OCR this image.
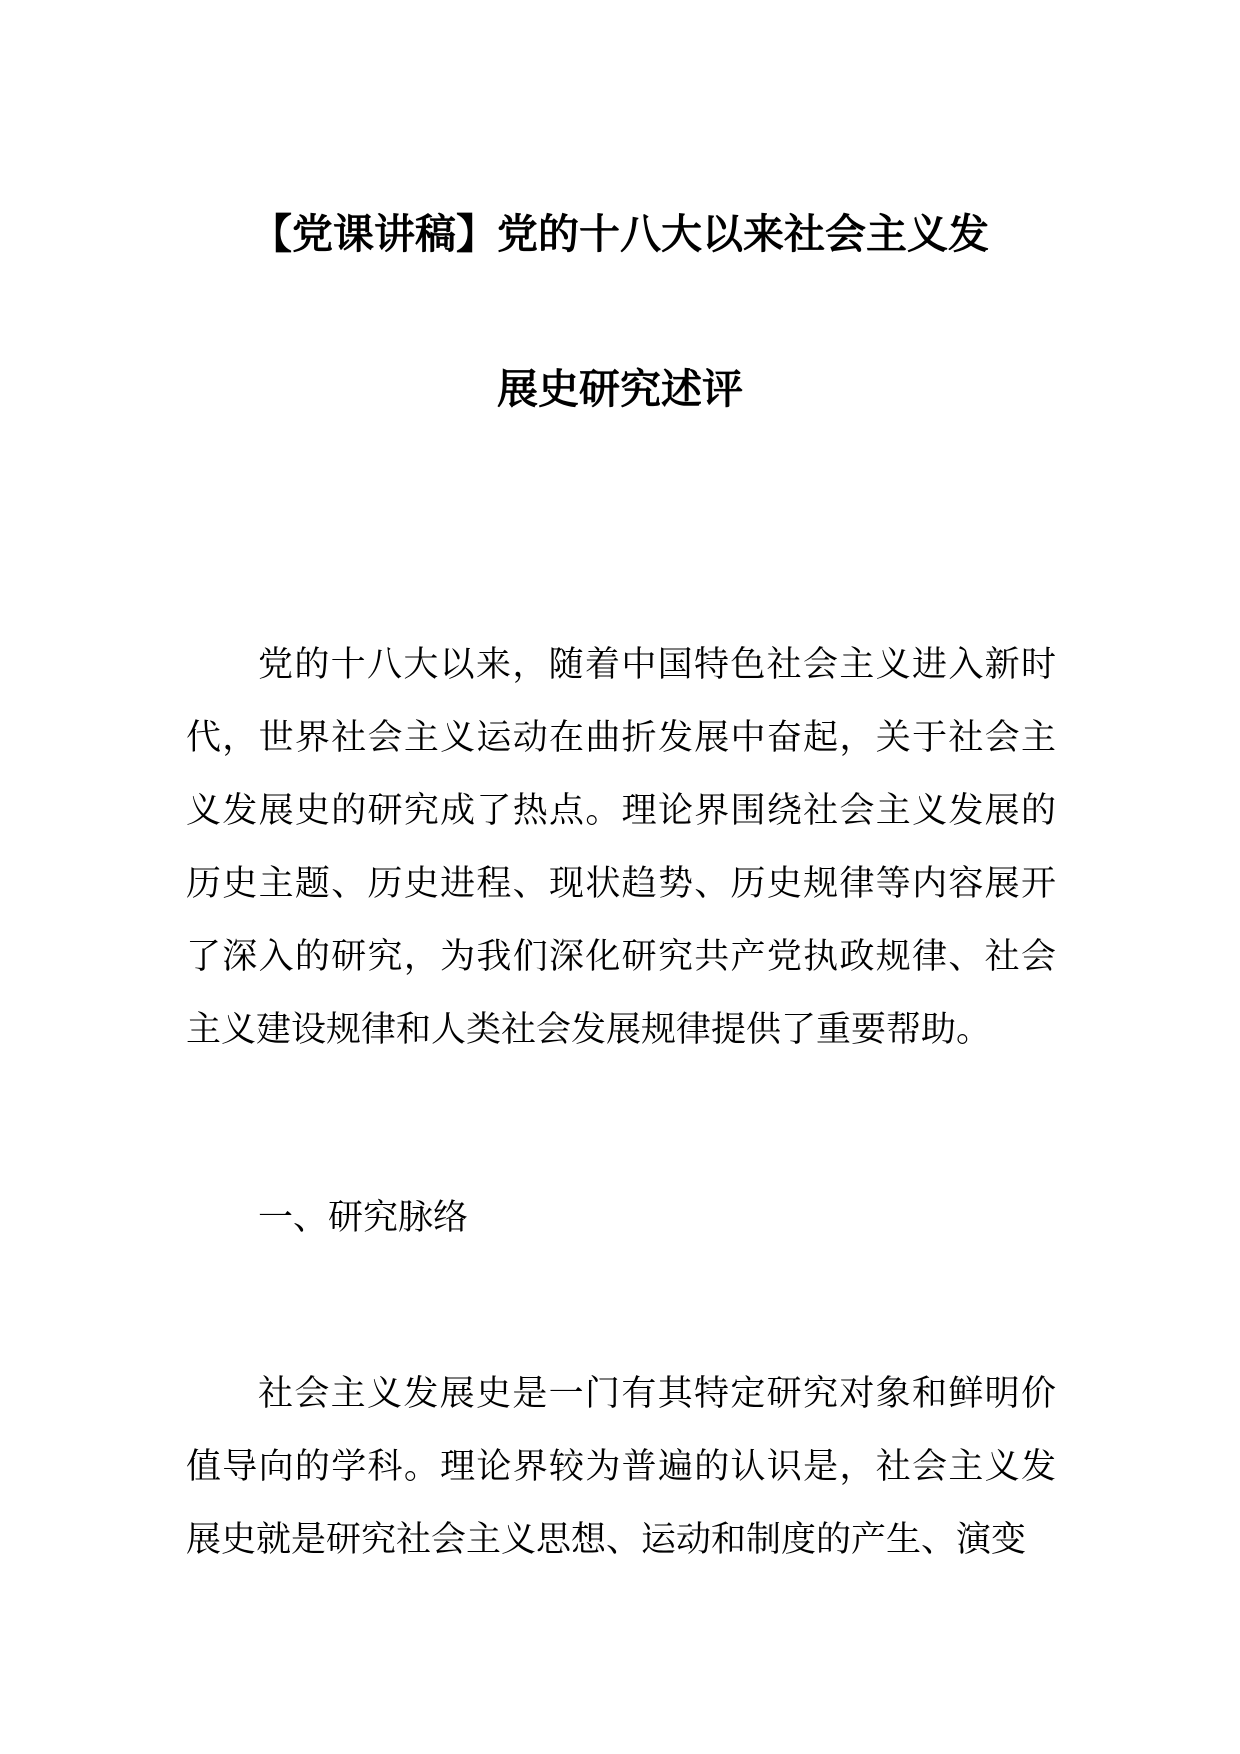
【党课讲稿】党的十八大以来社会主义发
展史研究述评

党的十八大以来，随着中国特色社会主义进入新时代，世界社会主义运动在曲折发展中奋起，关于社会主义发展史的研究成了热点。理论界围绕社会主义发展的历史主题、历史进程、现状趋势、历史规律等内容展开了深入的研究，为我们深化研究共产党执政规律、社会主义建设规律和人类社会发展规律提供了重要帮助。

一、研究脉络

社会主义发展史是一门有其特定研究对象和鲜明价值导向的学科。理论界较为普遍的认识是，社会主义发展史就是研究社会主义思想、运动和制度的产生、演变
